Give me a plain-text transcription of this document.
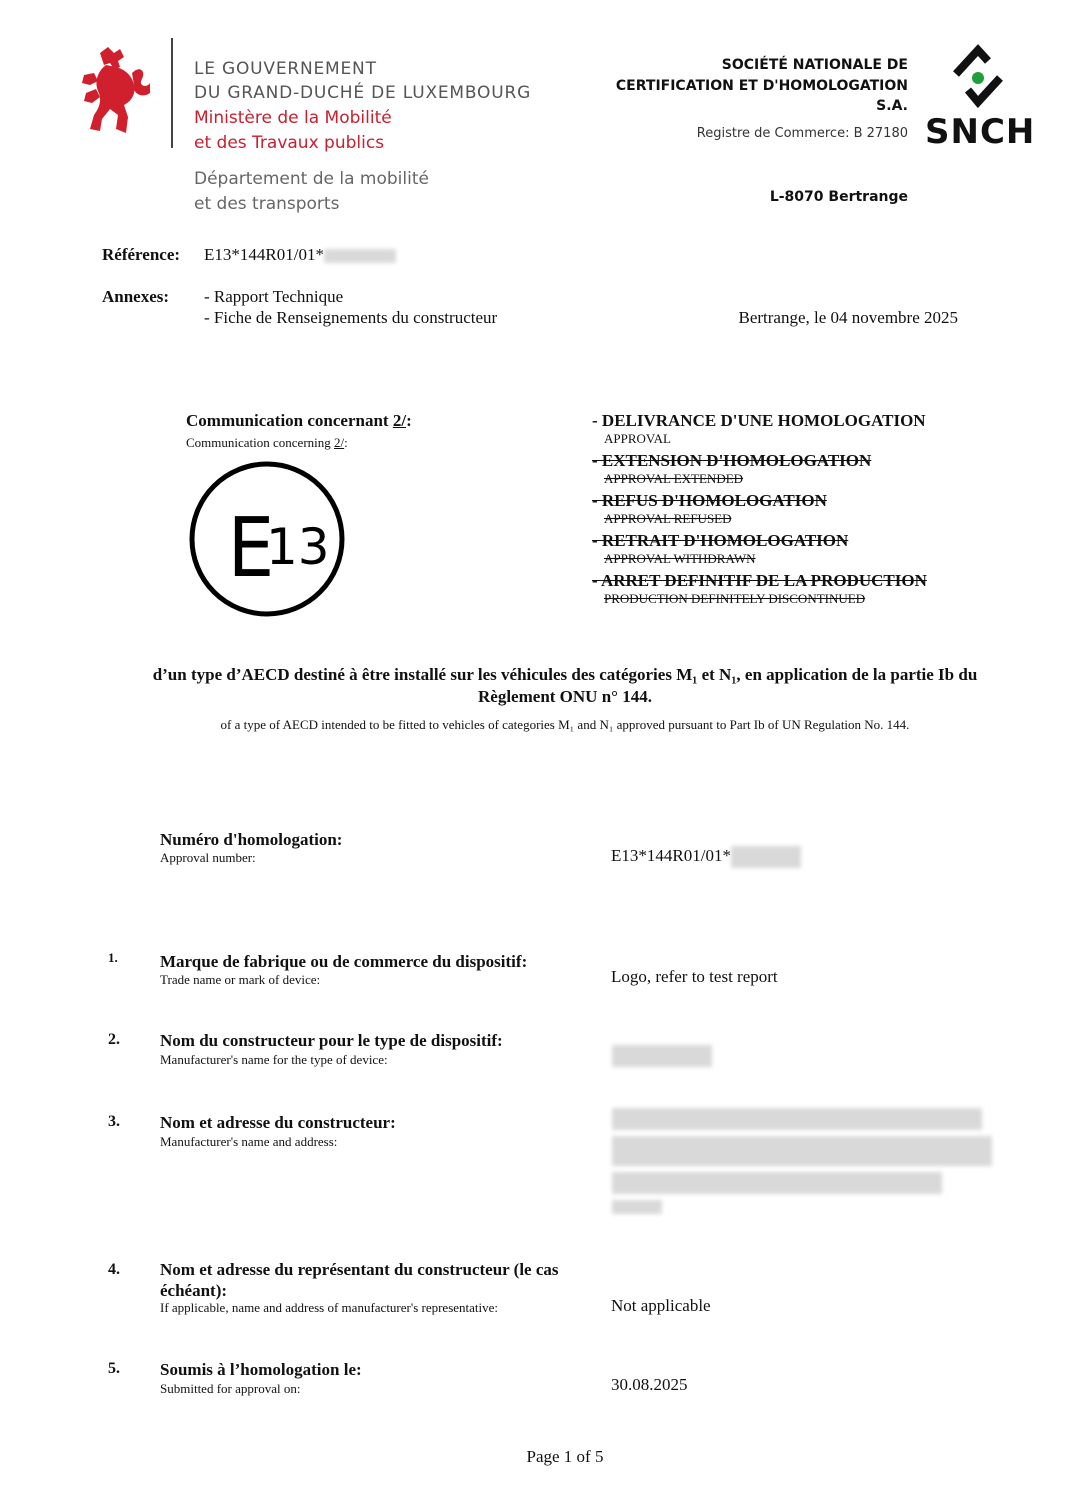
LE GOUVERNEMENT
DU GRAND-DUCHÉ DE LUXEMBOURG
Ministère de la Mobilité
et des Travaux publics
Département de la mobilité
et des transports
SOCIÉTÉ NATIONALE DE
CERTIFICATION ET D'HOMOLOGATION
S.A.
Registre de Commerce: B 27180 SNCH
L-8070 Bertrange
Référence: E13*144R01/01*
Annexes: - Rapport Technique
- Fiche de Renseignements du constructeur	Bertrange, le 04 novembre 2025
Communication concernant 2/:
Communication concerning 2/:
E
13
- DELIVRANCE D'UNE HOMOLOGATION
APPROVAL
- EXTENSION D'HOMOLOGATION
APPROVAL EXTENDED
- REFUS D'HOMOLOGATION
APPROVAL REFUSED
- RETRAIT D'HOMOLOGATION
APPROVAL WITHDRAWN
- ARRET DEFINITIF DE LA PRODUCTION
PRODUCTION DEFINITELY DISCONTINUED
d’un type d’AECD destiné à être installé sur les véhicules des catégories M₁ et N₁, en application de la partie Ib du
Règlement ONU n° 144.
of a type of AECD intended to be fitted to vehicles of categories M₁ and N₁ approved pursuant to Part Ib of UN Regulation No. 144.
Numéro d'homologation:
Approval number:	E13*144R01/01*
1. Marque de fabrique ou de commerce du dispositif:
Trade name or mark of device:	Logo, refer to test report
2. Nom du constructeur pour le type de dispositif:
Manufacturer's name for the type of device:
3. Nom et adresse du constructeur:
Manufacturer's name and address:
4. Nom et adresse du représentant du constructeur (le cas
échéant):
If applicable, name and address of manufacturer's representative:	Not applicable
5. Soumis à l’homologation le:
Submitted for approval on:	30.08.2025
Page 1 of 5
